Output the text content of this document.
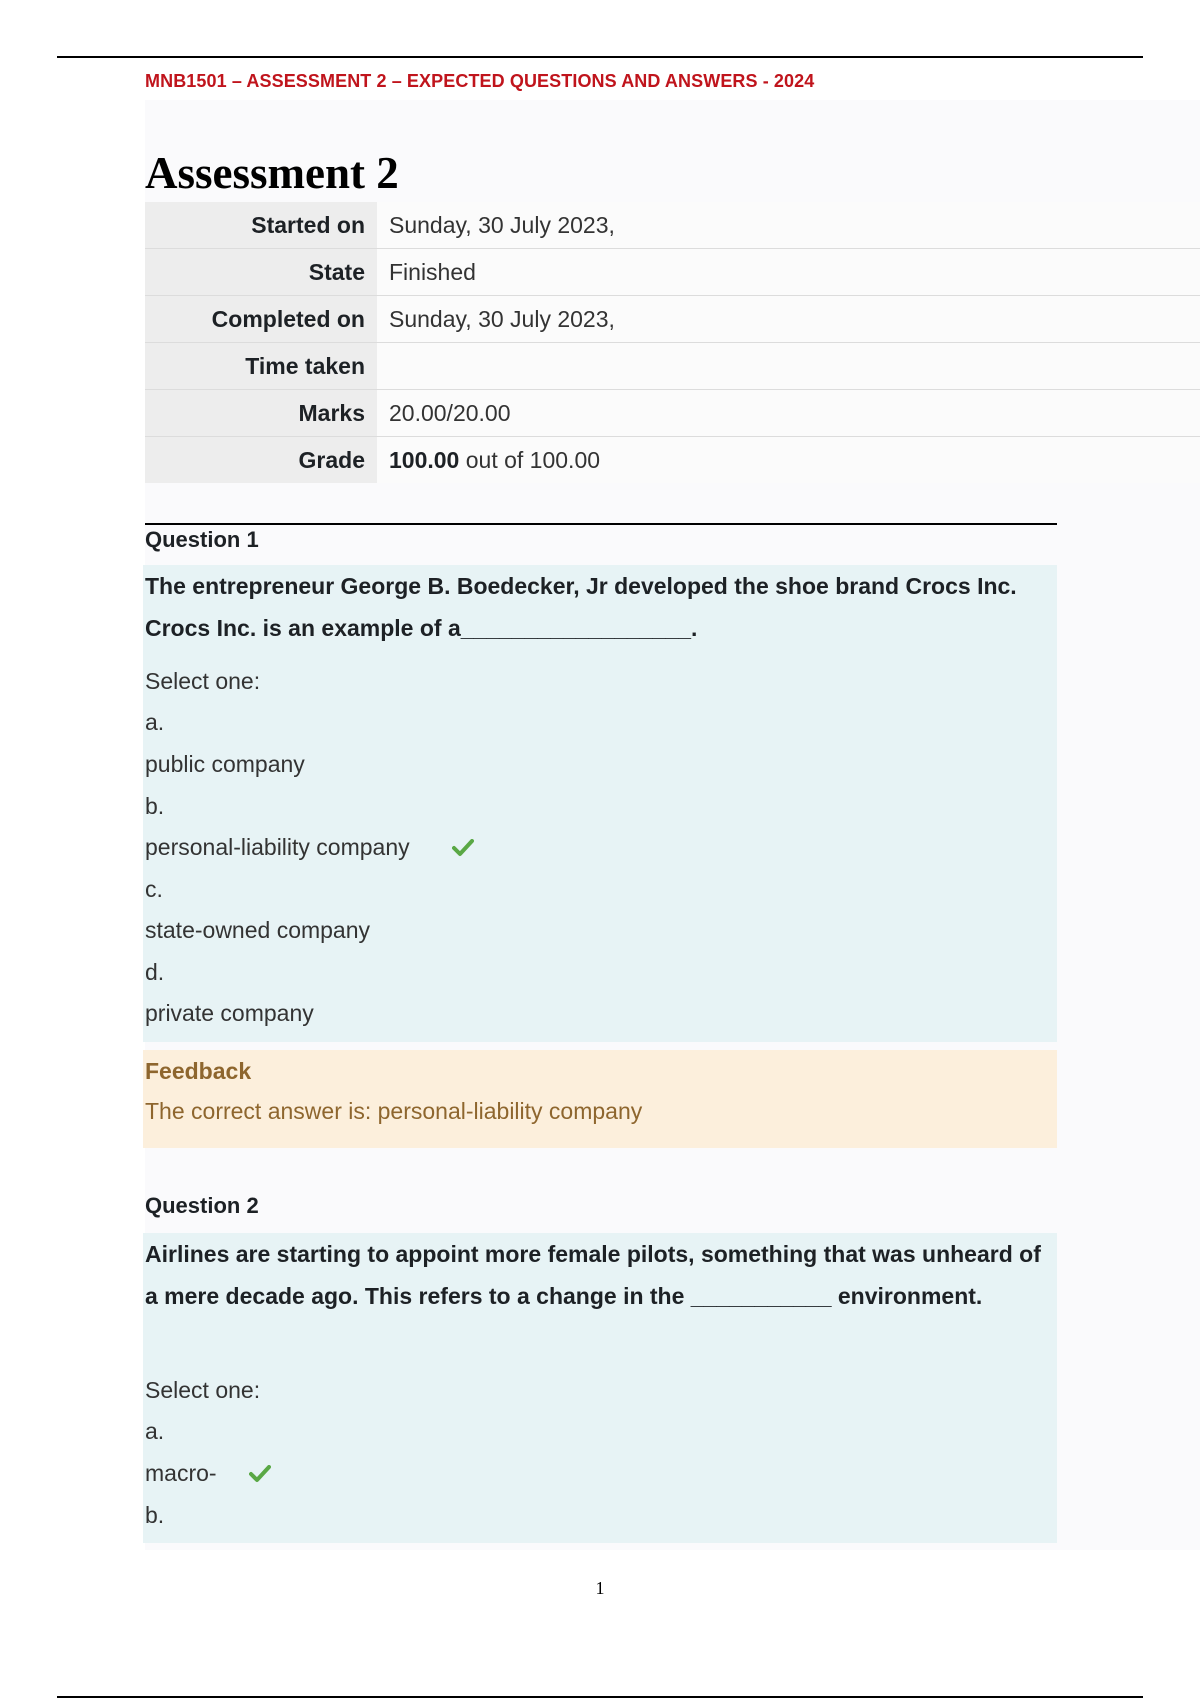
MNB1501 – ASSESSMENT 2 – EXPECTED QUESTIONS AND ANSWERS - 2024
Assessment 2
Started on	Sunday, 30 July 2023,
State	Finished
Completed on	Sunday, 30 July 2023,
Time taken
Marks	20.00/20.00
Grade	100.00 out of 100.00
Question 1

The entrepreneur George B. Boedecker, Jr developed the shoe brand Crocs Inc. Crocs Inc. is an example of a__________________.

Select one:
a.
public company
b.
personal-liability company
c.
state-owned company
d.
private company
Feedback
The correct answer is: personal-liability company
Question 2

Airlines are starting to appoint more female pilots, something that was unheard of a mere decade ago. This refers to a change in the ___________ environment.

Select one:
a.
macro-
b.
1
